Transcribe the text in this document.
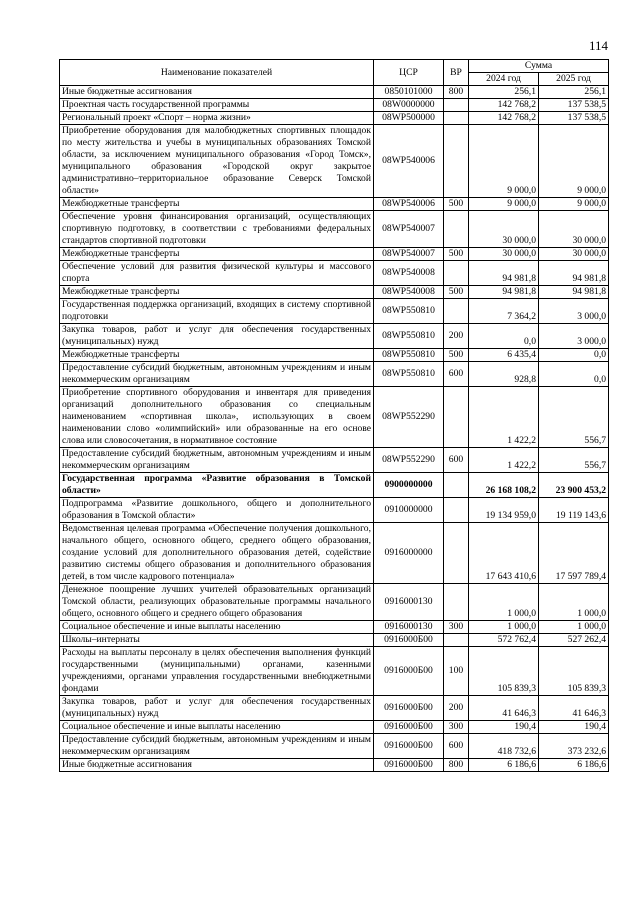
114
Наименование показателей	ЦСР	ВР	Сумма	
			2024 год	2025 год
Иные бюджетные ассигнования	0850101000	800	256,1	256,1
Проектная часть государственной программы	08W0000000		142 768,2	137 538,5
Региональный проект «Спорт – норма жизни»	08WP500000		142 768,2	137 538,5
Приобретение оборудования для малобюджетных спортивных площадок по месту жительства и учебы в муниципальных образованиях Томской области, за исключением муниципального образования «Город Томск», муниципального образования «Городской округ закрытое административно–территориальное образование Северск Томской области»	08WP540006		9 000,0	9 000,0
Межбюджетные трансферты	08WP540006	500	9 000,0	9 000,0
Обеспечение уровня финансирования организаций, осуществляющих спортивную подготовку, в соответствии с требованиями федеральных стандартов спортивной подготовки	08WP540007		30 000,0	30 000,0
Межбюджетные трансферты	08WP540007	500	30 000,0	30 000,0
Обеспечение условий для развития физической культуры и массового спорта	08WP540008		94 981,8	94 981,8
Межбюджетные трансферты	08WP540008	500	94 981,8	94 981,8
Государственная поддержка организаций, входящих в систему спортивной подготовки	08WP550810		7 364,2	3 000,0
Закупка товаров, работ и услуг для обеспечения государственных (муниципальных) нужд	08WP550810	200	0,0	3 000,0
Межбюджетные трансферты	08WP550810	500	6 435,4	0,0
Предоставление субсидий бюджетным, автономным учреждениям и иным некоммерческим организациям	08WP550810	600	928,8	0,0
Приобретение спортивного оборудования и инвентаря для приведения организаций дополнительного образования со специальным наименованием «спортивная школа», использующих в своем наименовании слово «олимпийский» или образованные на его основе слова или словосочетания, в нормативное состояние	08WP552290		1 422,2	556,7
Предоставление субсидий бюджетным, автономным учреждениям и иным некоммерческим организациям	08WP552290	600	1 422,2	556,7
Государственная программа «Развитие образования в Томской области»	0900000000		26 168 108,2	23 900 453,2
Подпрограмма «Развитие дошкольного, общего и дополнительного образования в Томской области»	0910000000		19 134 959,0	19 119 143,6
Ведомственная целевая программа «Обеспечение получения дошкольного, начального общего, основного общего, среднего общего образования, создание условий для дополнительного образования детей, содействие развитию системы общего образования и дополнительного образования детей, в том числе кадрового потенциала»	0916000000		17 643 410,6	17 597 789,4
Денежное поощрение лучших учителей образовательных организаций Томской области, реализующих образовательные программы начального общего, основного общего и среднего общего образования	0916000130		1 000,0	1 000,0
Социальное обеспечение и иные выплаты населению	0916000130	300	1 000,0	1 000,0
Школы–интернаты	0916000Б00		572 762,4	527 262,4
Расходы на выплаты персоналу в целях обеспечения выполнения функций государственными (муниципальными) органами, казенными учреждениями, органами управления государственными внебюджетными фондами	0916000Б00	100	105 839,3	105 839,3
Закупка товаров, работ и услуг для обеспечения государственных (муниципальных) нужд	0916000Б00	200	41 646,3	41 646,3
Социальное обеспечение и иные выплаты населению	0916000Б00	300	190,4	190,4
Предоставление субсидий бюджетным, автономным учреждениям и иным некоммерческим организациям	0916000Б00	600	418 732,6	373 232,6
Иные бюджетные ассигнования	0916000Б00	800	6 186,6	6 186,6
